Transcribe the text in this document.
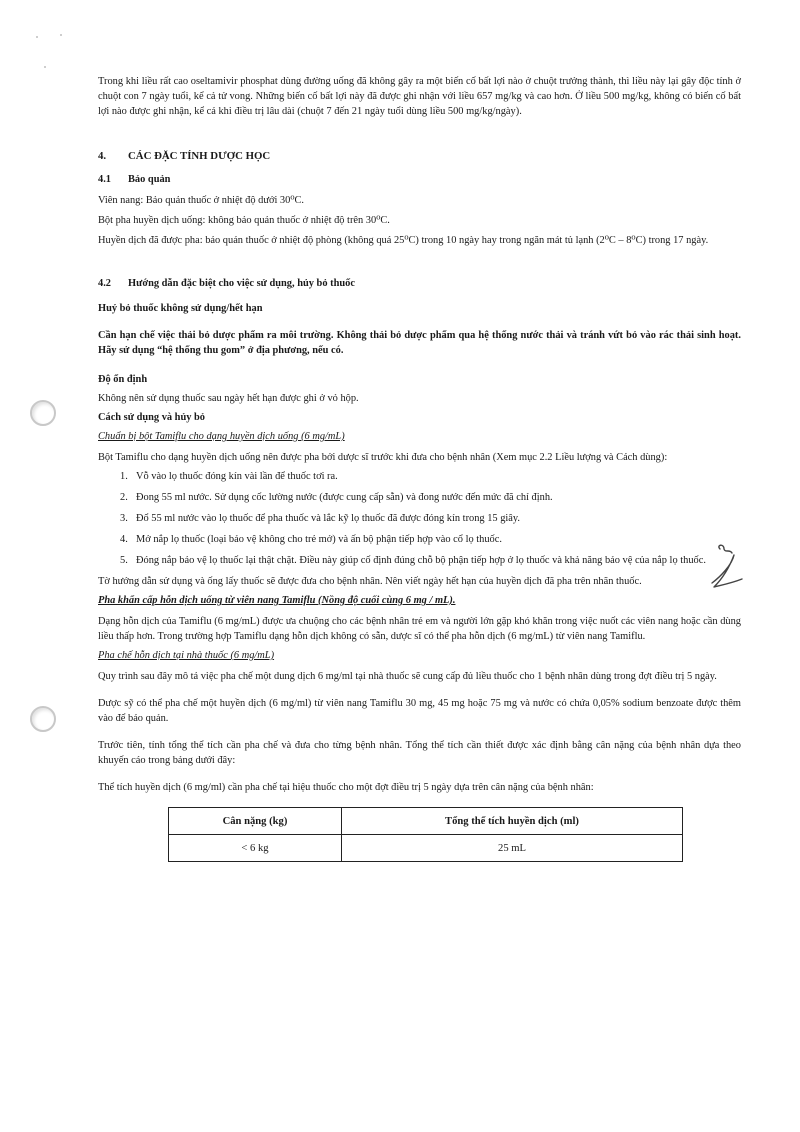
Trong khi liều rất cao oseltamivir phosphat dùng đường uống đã không gây ra một biến cố bất lợi nào ở chuột trưởng thành, thì liều này lại gây độc tính ở chuột con 7 ngày tuổi, kể cả tử vong. Những biến cố bất lợi này đã được ghi nhận với liều 657 mg/kg và cao hơn. Ở liều 500 mg/kg, không có biến cố bất lợi nào được ghi nhận, kể cả khi điều trị lâu dài (chuột 7 đến 21 ngày tuổi dùng liều 500 mg/kg/ngày).

4. CÁC ĐẶC TÍNH DƯỢC HỌC
4.1 Bảo quản

Viên nang: Bảo quản thuốc ở nhiệt độ dưới 30⁰C.

Bột pha huyền dịch uống: không bảo quản thuốc ở nhiệt độ trên 30⁰C.

Huyền dịch đã được pha: bảo quản thuốc ở nhiệt độ phòng (không quá 25⁰C) trong 10 ngày hay trong ngăn mát tủ lạnh (2⁰C – 8⁰C) trong 17 ngày.

4.2 Hướng dẫn đặc biệt cho việc sử dụng, hủy bỏ thuốc

Huỷ bỏ thuốc không sử dụng/hết hạn

Cần hạn chế việc thải bỏ dược phẩm ra môi trường. Không thải bỏ dược phẩm qua hệ thống nước thải và tránh vứt bỏ vào rác thải sinh hoạt. Hãy sử dụng “hệ thống thu gom” ở địa phương, nếu có.

Độ ổn định

Không nên sử dụng thuốc sau ngày hết hạn được ghi ở vỏ hộp.

Cách sử dụng và hủy bỏ

Chuẩn bị bột Tamiflu cho dạng huyền dịch uống (6 mg/mL)

Bột Tamiflu cho dạng huyền dịch uống nên được pha bởi dược sĩ trước khi đưa cho bệnh nhân (Xem mục 2.2 Liều lượng và Cách dùng):

1. Vỗ vào lọ thuốc đóng kín vài lần để thuốc tơi ra.
2. Đong 55 ml nước. Sử dụng cốc lường nước (được cung cấp sẵn) và đong nước đến mức đã chỉ định.
3. Đổ 55 ml nước vào lọ thuốc để pha thuốc và lắc kỹ lọ thuốc đã được đóng kín trong 15 giây.
4. Mở nắp lọ thuốc (loại bảo vệ không cho trẻ mở) và ấn bộ phận tiếp hợp vào cổ lọ thuốc.
5. Đóng nắp bảo vệ lọ thuốc lại thật chặt. Điều này giúp cố định đúng chỗ bộ phận tiếp hợp ở lọ thuốc và khả năng bảo vệ của nắp lọ thuốc.

Tờ hướng dẫn sử dụng và ống lấy thuốc sẽ được đưa cho bệnh nhân. Nên viết ngày hết hạn của huyền dịch đã pha trên nhãn thuốc.

Pha khẩn cấp hỗn dịch uống từ viên nang Tamiflu (Nồng độ cuối cùng 6 mg / mL).

Dạng hỗn dịch của Tamiflu (6 mg/mL) được ưa chuộng cho các bệnh nhân trẻ em và người lớn gặp khó khăn trong việc nuốt các viên nang hoặc cần dùng liều thấp hơn. Trong trường hợp Tamiflu dạng hỗn dịch không có sẵn, dược sĩ có thể pha hỗn dịch (6 mg/mL) từ viên nang Tamiflu.

Pha chế hỗn dịch tại nhà thuốc (6 mg/mL)

Quy trình sau đây mô tả việc pha chế một dung dịch 6 mg/ml tại nhà thuốc sẽ cung cấp đủ liều thuốc cho 1 bệnh nhân dùng trong đợt điều trị 5 ngày.

Dược sỹ có thể pha chế một huyền dịch (6 mg/ml) từ viên nang Tamiflu 30 mg, 45 mg hoặc 75 mg và nước có chứa 0,05% sodium benzoate được thêm vào để bảo quản.

Trước tiên, tính tổng thể tích cần pha chế và đưa cho từng bệnh nhân. Tổng thể tích cần thiết được xác định bằng cân nặng của bệnh nhân dựa theo khuyến cáo trong bảng dưới đây:

Thể tích huyền dịch (6 mg/ml) cần pha chế tại hiệu thuốc cho một đợt điều trị 5 ngày dựa trên cân nặng của bệnh nhân:

Cân nặng (kg)	Tổng thể tích huyền dịch (ml)
< 6 kg	25 mL
